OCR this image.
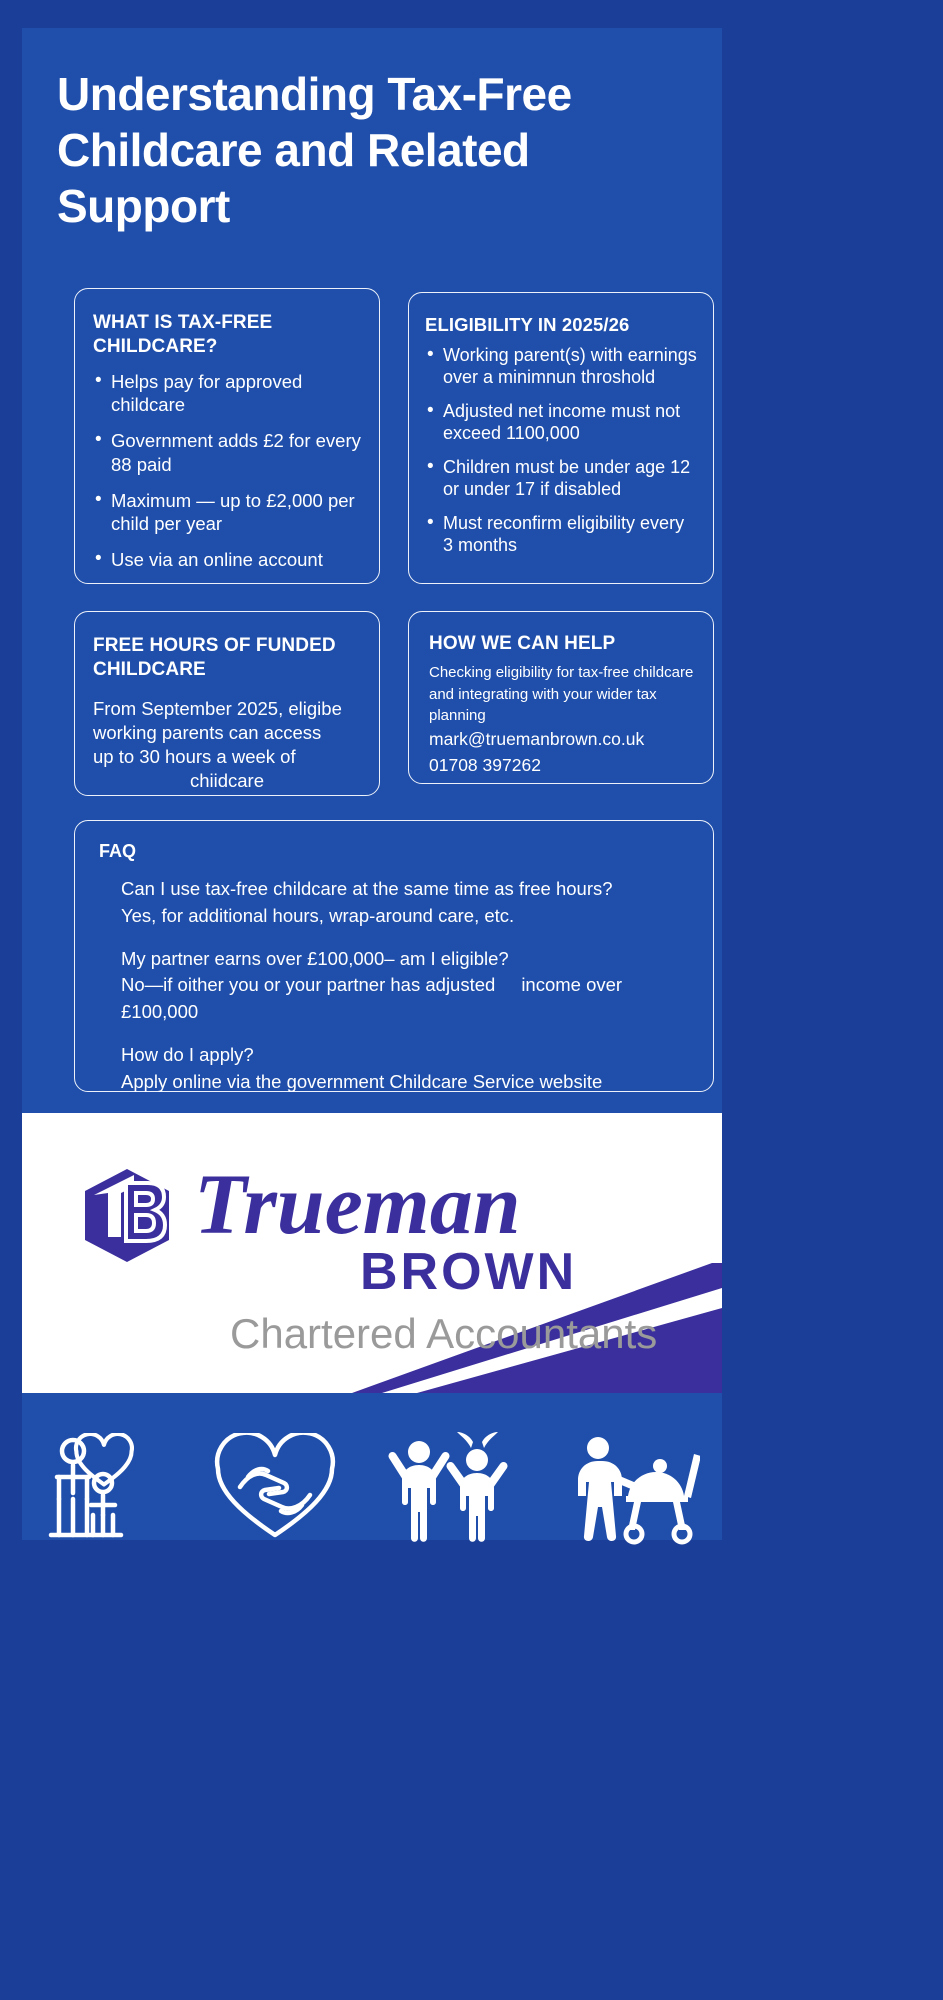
Understanding Tax-Free Childcare and Related Support
WHAT IS TAX-FREE CHILDCARE?
• Helps pay for approved childcare
• Government adds £2 for every 88 paid
• Maximum — up to £2,000 per child per year
• Use via an online account
ELIGIBILITY IN 2025/26
• Working parent(s) with earnings over a minimnun throshold
• Adjusted net income must not exceed 1100,000
• Children must be under age 12 or under 17 if disabled
• Must reconfirm eligibility every 3 months
FREE HOURS OF FUNDED CHILDCARE
From September 2025, eligibe
working parents can access
up to 30 hours a week of
chiidcare
HOW WE CAN HELP
Checking eligibility for tax-free childcare and integrating with your wider tax planning
mark@truemanbrown.co.uk
01708 397262
FAQ
Can I use tax-free childcare at the same time as free hours?
Yes, for additional hours, wrap-around care, etc.
My partner earns over £100,000– am I eligible?
No—if oither you or your partner has adjusted income over £100,000
How do I apply?
Apply online via the government Childcare Service website
Trueman
BROWN
Chartered Accountants
